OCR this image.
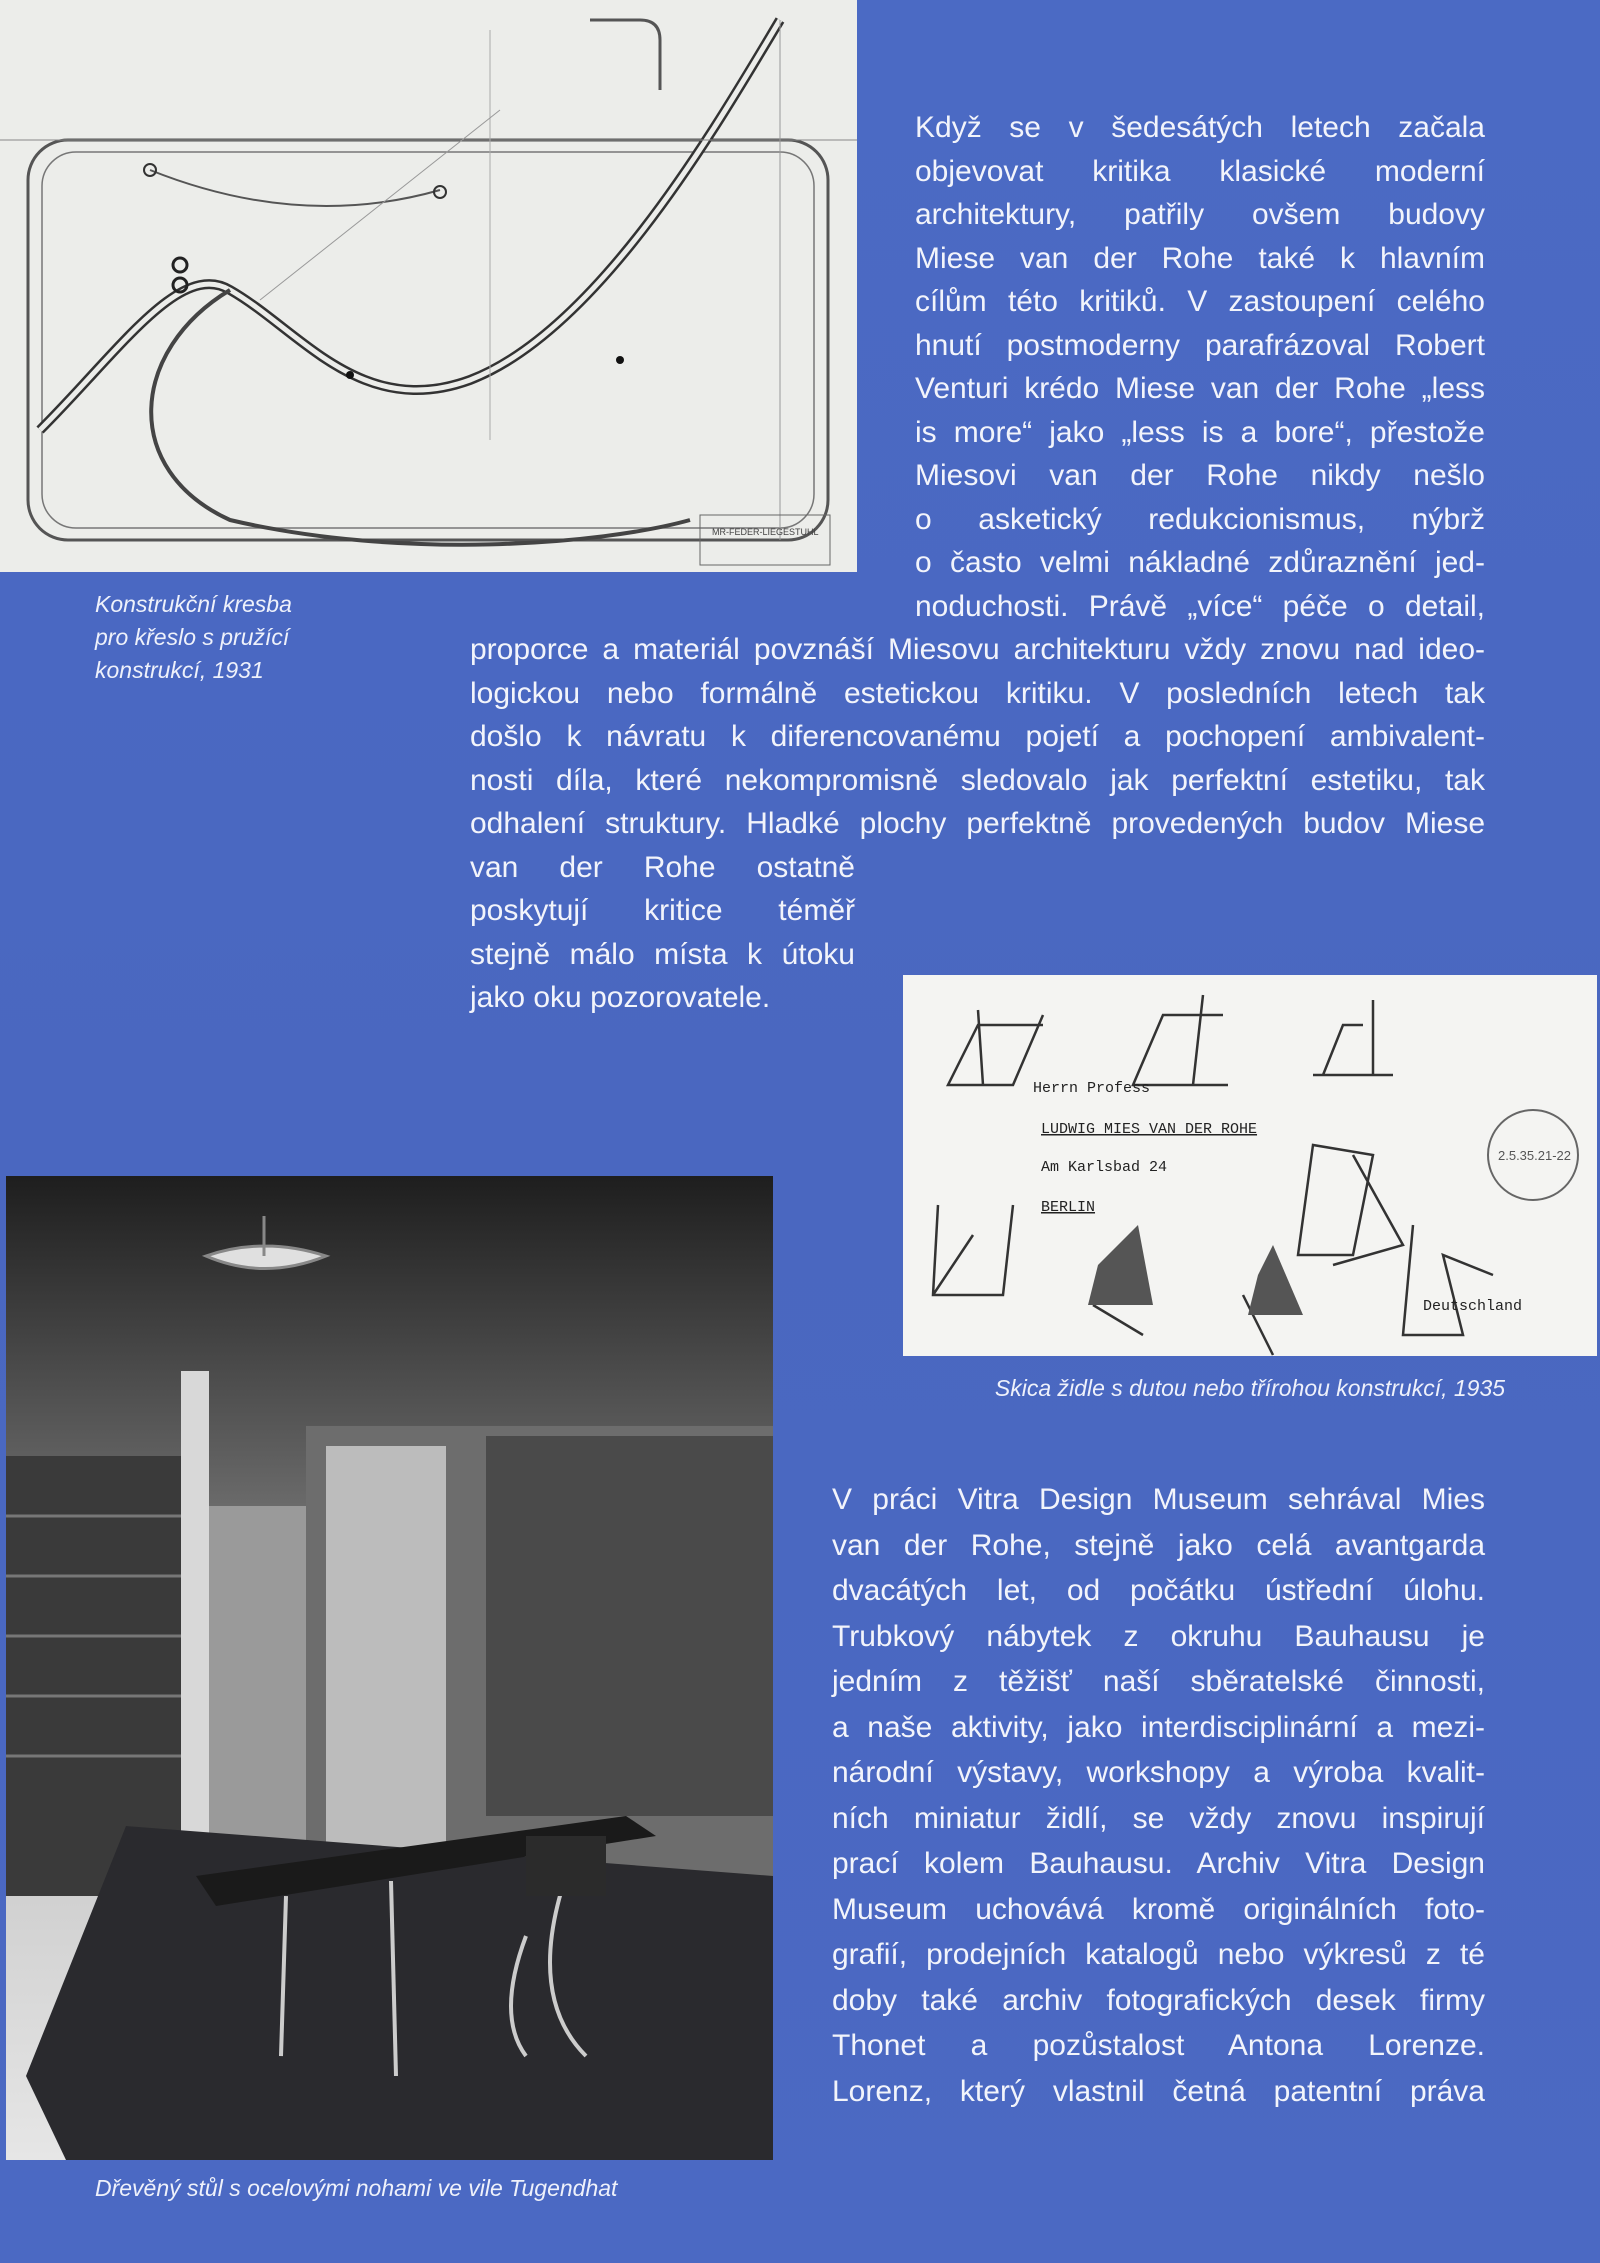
MR-FEDER-LIEGESTUHL
Konstrukční kresba
pro křeslo s pružící
konstrukcí, 1931
2.5.35.21-22
Herrn Profess
LUDWIG MIES VAN DER ROHE
Am Karlsbad 24
BERLIN
Deutschland
Skica židle s dutou nebo třírohou konstrukcí, 1935
Dřevěný stůl s ocelovými nohami ve vile Tugendhat
Když se v šedesátých letech začala
objevovat kritika klasické moderní
architektury, patřily ovšem budovy
Miese van der Rohe také k hlavním
cílům této kritiků. V zastoupení celého
hnutí postmoderny parafrázoval Robert
Venturi krédo Miese van der Rohe „less
is more“ jako „less is a bore“, přestože
Miesovi van der Rohe nikdy nešlo
o asketický redukcionismus, nýbrž
o často velmi nákladné zdůraznění jed-
noduchosti. Právě „více“ péče o detail,
proporce a materiál povznáší Miesovu architekturu vždy znovu nad ideo-
logickou nebo formálně estetickou kritiku. V posledních letech tak
došlo k návratu k diferencovanému pojetí a pochopení ambivalent-
nosti díla, které nekompromisně sledovalo jak perfektní estetiku, tak
odhalení struktury. Hladké plochy perfektně provedených budov Miese
van der Rohe ostatně
poskytují kritice téměř
stejně málo místa k útoku
jako oku pozorovatele.
V práci Vitra Design Museum sehrával Mies
van der Rohe, stejně jako celá avantgarda
dvacátých let, od počátku ústřední úlohu.
Trubkový nábytek z okruhu Bauhausu je
jedním z těžišť naší sběratelské činnosti,
a naše aktivity, jako interdisciplinární a mezi-
národní výstavy, workshopy a výroba kvalit-
ních miniatur židlí, se vždy znovu inspirují
prací kolem Bauhausu. Archiv Vitra Design
Museum uchovává kromě originálních foto-
grafií, prodejních katalogů nebo výkresů z té
doby také archiv fotografických desek firmy
Thonet a pozůstalost Antona Lorenze.
Lorenz, který vlastnil četná patentní práva
